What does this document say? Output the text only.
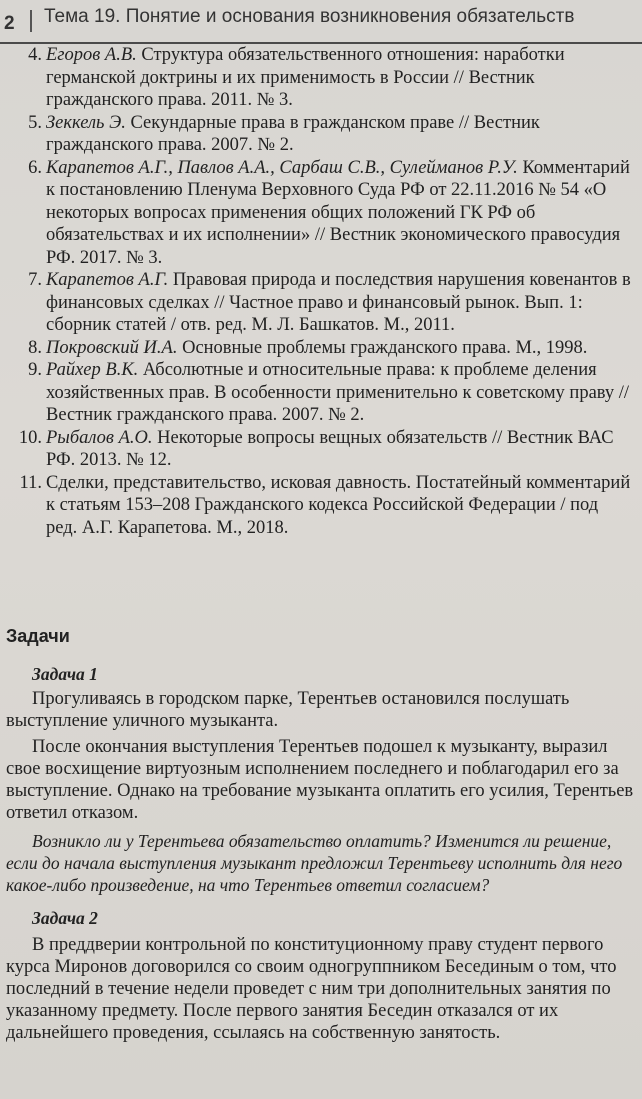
2 Тема 19. Понятие и основания возникновения обязательств
4. Егоров А.В. Структура обязательственного отношения: наработки германской доктрины и их применимость в России // Вестник гражданского права. 2011. № 3.
5. Зеккель Э. Секундарные права в гражданском праве // Вестник гражданского права. 2007. № 2.
6. Карапетов А.Г., Павлов А.А., Сарбаш С.В., Сулейманов Р.У. Комментарий к постановлению Пленума Верховного Суда РФ от 22.11.2016 № 54 «О некоторых вопросах применения общих положений ГК РФ об обязательствах и их исполнении» // Вестник экономического правосудия РФ. 2017. № 3.
7. Карапетов А.Г. Правовая природа и последствия нарушения ковенантов в финансовых сделках // Частное право и финансовый рынок. Вып. 1: сборник статей / отв. ред. М. Л. Башкатов. М., 2011.
8. Покровский И.А. Основные проблемы гражданского права. М., 1998.
9. Райхер В.К. Абсолютные и относительные права: к проблеме деления хозяйственных прав. В особенности применительно к советскому праву // Вестник гражданского права. 2007. № 2.
10. Рыбалов А.О. Некоторые вопросы вещных обязательств // Вестник ВАС РФ. 2013. № 12.
11. Сделки, представительство, исковая давность. Постатейный комментарий к статьям 153–208 Гражданского кодекса Российской Федерации / под ред. А.Г. Карапетова. М., 2018.
Задачи
Задача 1

Прогуливаясь в городском парке, Терентьев остановился послушать выступление уличного музыканта.

После окончания выступления Терентьев подошел к музыканту, выразил свое восхищение виртуозным исполнением последнего и поблагодарил его за выступление. Однако на требование музыканта оплатить его усилия, Терентьев ответил отказом.

Возникло ли у Терентьева обязательство оплатить? Изменится ли решение, если до начала выступления музыкант предложил Терентьеву исполнить для него какое-либо произведение, на что Терентьев ответил согласием?

Задача 2

В преддверии контрольной по конституционному праву студент первого курса Миронов договорился со своим одногруппником Бесединым о том, что последний в течение недели проведет с ним три дополнительных занятия по указанному предмету. После первого занятия Беседин отказался от их дальнейшего проведения, ссылаясь на собственную занятость.
